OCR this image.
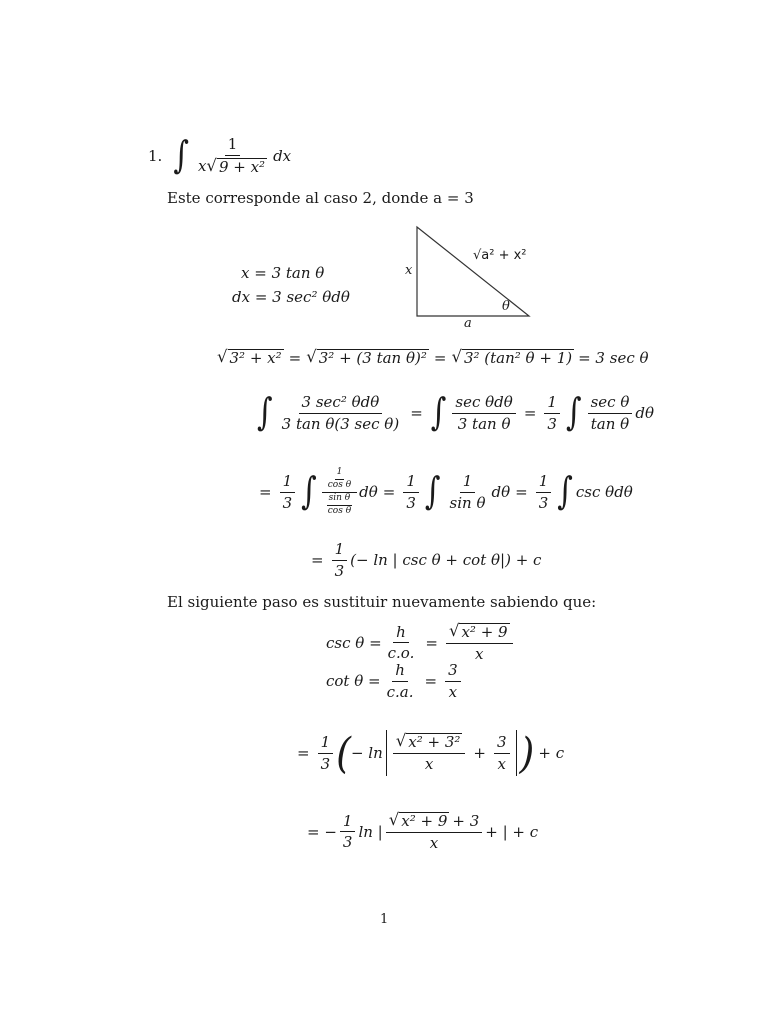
1. ∫ $\frac{1}{\text{x √ 9 + x²}}$ dx
Este corresponde al caso 2, donde a = 3
x = 3 tan θ
dx = 3 sec² θdθ
√a² + x²
x
a
θ
√ 3² + x² = √ 3² + (3 tan θ)² = √ 3² (tan² θ + 1) = 3 sec θ
∫ $\frac{\text{3 sec² θdθ}}{\text{3 tan θ(3 sec θ)}}$ = ∫ $\frac{\text{sec θdθ}}{\text{3 tan θ}} = \frac{1}{3}$ ∫ $\frac{\text{sec θ}}{\text{tan θ}}$ dθ
= $\frac{1}{3}$ ∫ $\frac{\frac{1}{\text{cos θ}}}{\frac{\text{sin θ}}{\text{cos θ}}}$ $d\theta = \frac{1}{3}$ ∫ $\frac{1}{\text{sin θ}}$ $d\theta = \frac{1}{3}$ ∫ csc θdθ
= $\frac{1}{3}$ (− ln | csc θ + cot θ|) + c
El siguiente paso es sustituir nuevamente sabiendo que:
$\csc \theta = \frac{h}{c.o.} = \frac{\text{√ x² + 9}}{x}$
$\cot \theta = \frac{h}{c.a.} = \frac{3}{x}$
= $\frac{1}{3}$ ( − $\ln \frac{\text{√ x² + 3²}}{x} + \frac{3}{x}$ ) + c
= − $\frac{1}{3}$ ln | $\frac{\text{√ x² + 9 + 3}}{x}$ + | + c
1
